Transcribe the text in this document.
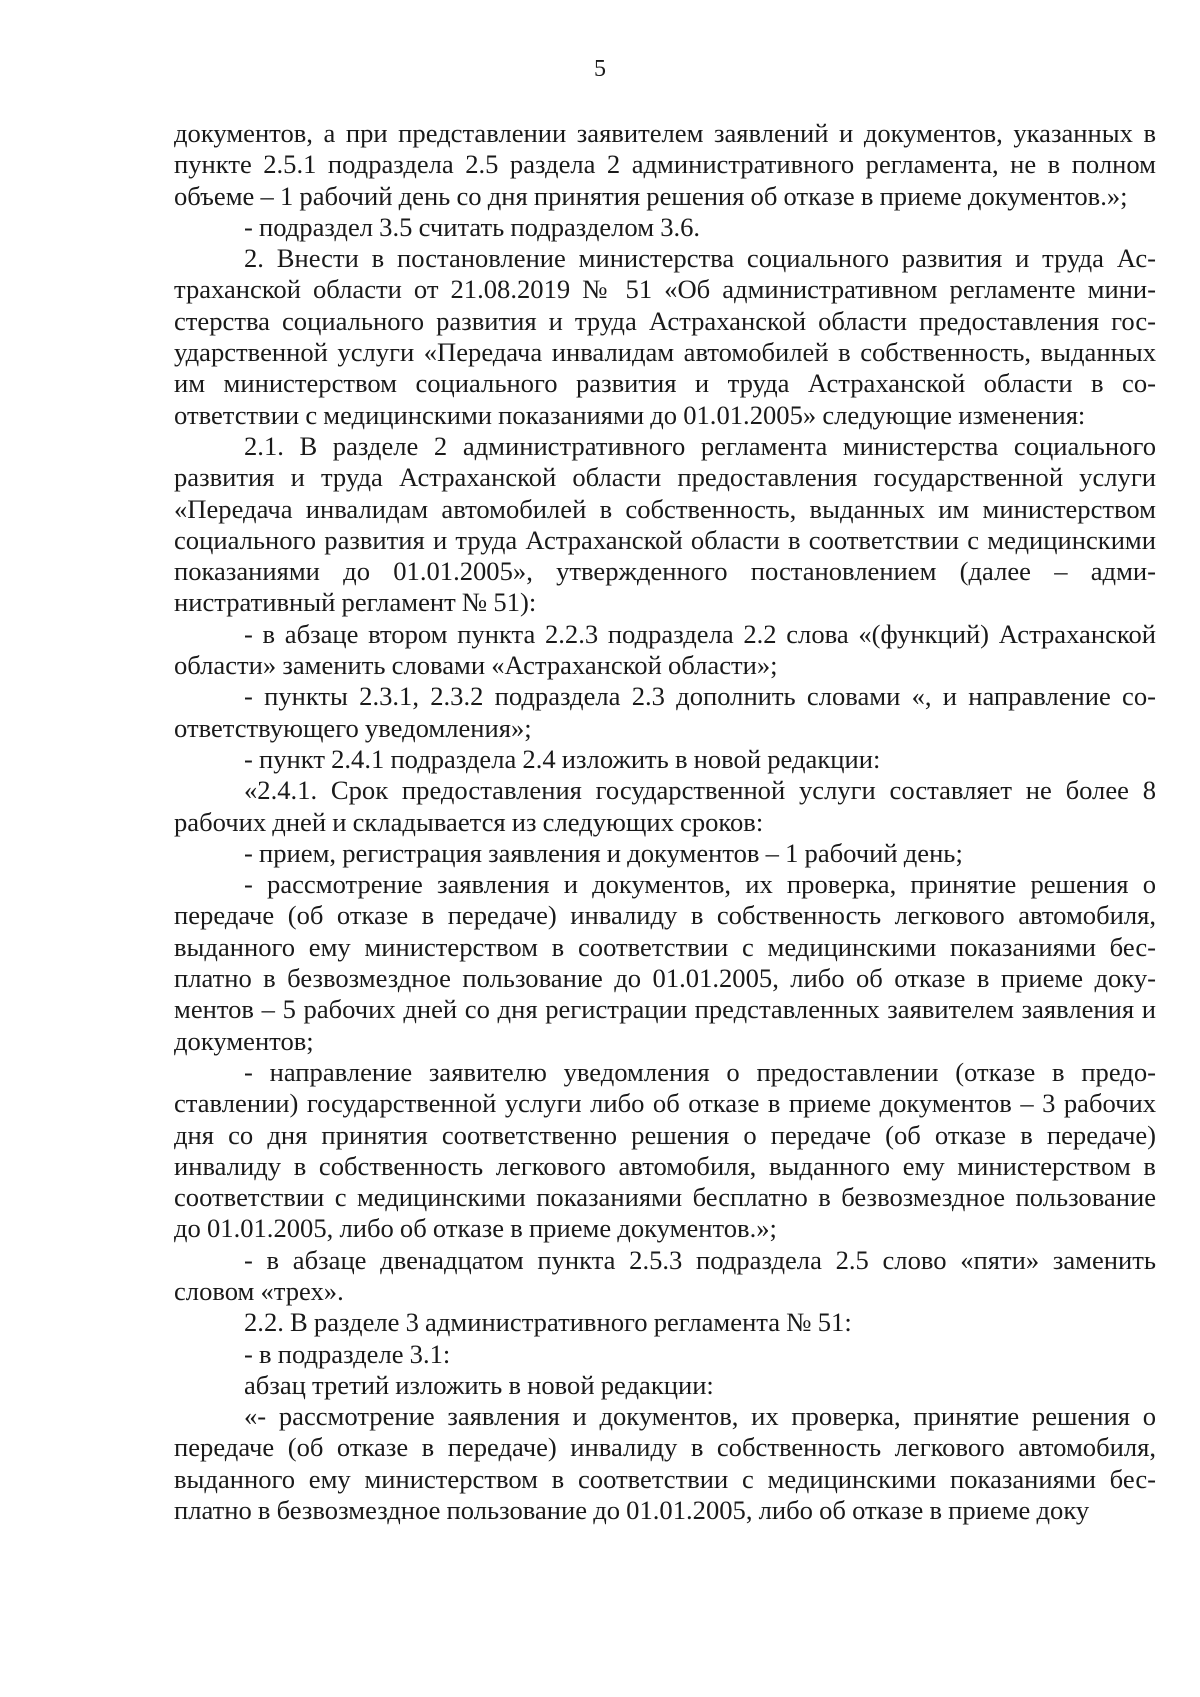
5

документов, а при представлении заявителем заявлений и документов, указанных в пункте 2.5.1 подраздела 2.5 раздела 2 административного регламента, не в полном объеме – 1 рабочий день со дня принятия решения об отказе в приеме документов.»;

- подраздел 3.5 считать подразделом 3.6.

2. Внести в постановление министерства социального развития и труда Астраханской области от 21.08.2019 № 51 «Об административном регламенте министерства социального развития и труда Астраханской области предоставления государственной услуги «Передача инвалидам автомобилей в собственность, выданных им министерством социального развития и труда Астраханской области в соответствии с медицинскими показаниями до 01.01.2005» следующие изменения:

2.1. В разделе 2 административного регламента министерства социального развития и труда Астраханской области предоставления государственной услуги «Передача инвалидам автомобилей в собственность, выданных им министерством социального развития и труда Астраханской области в соответствии с медицинскими показаниями до 01.01.2005», утвержденного постановлением (далее – административный регламент № 51):

- в абзаце втором пункта 2.2.3 подраздела 2.2 слова «(функций) Астраханской области» заменить словами «Астраханской области»;

- пункты 2.3.1, 2.3.2 подраздела 2.3 дополнить словами «, и направление соответствующего уведомления»;

- пункт 2.4.1 подраздела 2.4 изложить в новой редакции:

«2.4.1. Срок предоставления государственной услуги составляет не более 8 рабочих дней и складывается из следующих сроков:

- прием, регистрация заявления и документов – 1 рабочий день;

- рассмотрение заявления и документов, их проверка, принятие решения о передаче (об отказе в передаче) инвалиду в собственность легкового автомобиля, выданного ему министерством в соответствии с медицинскими показаниями бесплатно в безвозмездное пользование до 01.01.2005, либо об отказе в приеме документов – 5 рабочих дней со дня регистрации представленных заявителем заявления и документов;

- направление заявителю уведомления о предоставлении (отказе в предоставлении) государственной услуги либо об отказе в приеме документов – 3 рабочих дня со дня принятия соответственно решения о передаче (об отказе в передаче) инвалиду в собственность легкового автомобиля, выданного ему министерством в соответствии с медицинскими показаниями бесплатно в безвозмездное пользование до 01.01.2005, либо об отказе в приеме документов.»;

- в абзаце двенадцатом пункта 2.5.3 подраздела 2.5 слово «пяти» заменить словом «трех».

2.2. В разделе 3 административного регламента № 51:

- в подразделе 3.1:

абзац третий изложить в новой редакции:

«- рассмотрение заявления и документов, их проверка, принятие решения о передаче (об отказе в передаче) инвалиду в собственность легкового автомобиля, выданного ему министерством в соответствии с медицинскими показаниями бесплатно в безвозмездное пользование до 01.01.2005, либо об отказе в приеме доку
